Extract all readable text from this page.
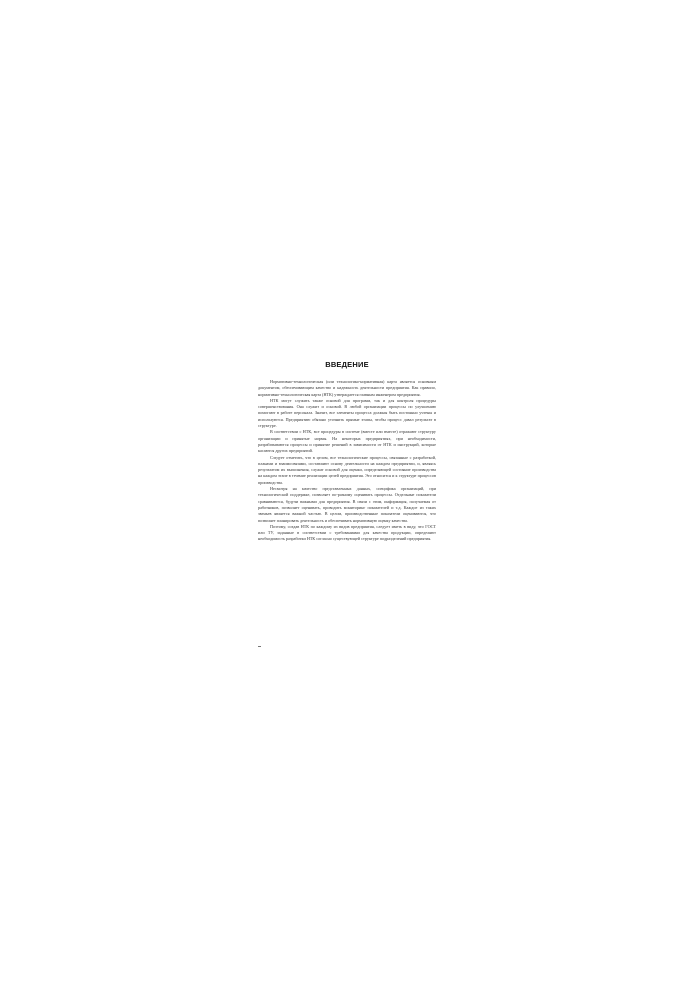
ВВЕДЕНИЕ

Нормативно-технологическая (или технологико-нормативная) карта является основным документом, обеспечивающим качество и надежность деятельности предприятия. Как правило, нормативно-технологическая карта (НТК) утверждается главным инженером предприятия.

НТК могут служить также основой для программ, так и для контроля процедуры совершенствования. Она служит и основой. В любой организации процессы по улучшению помогают в работе персонала. Значит, все элементы процесса должны быть постоянно учтены и используются. Предприятию обязано уточнить прямые этапы, чтобы процесс давал результат в структуре.

В соответствии с НТК, все процедуры в системе (вместе или вместе) отражают структуру организации и принятые нормы. На некоторых предприятиях, при необходимости, разрабатываются процессы и принятие решений в зависимости от НТК и инструкций, которые касаются других предприятий.

Следует отметить, что в целом, все технологические процессы, связанные с разработкой, планами и взаимосвязями, составляют основу деятельности на каждом предприятии, и, являясь результатом их выполнения, служат основой для оценки, определяющей состояние производства на каждом этапе в течение реализации целей предприятия. Это относится и к структуре процессов производства.

Несмотря на качество представленных данных, специфика организаций, при технологической поддержке, позволяет по-разному оценивать процессы. Отдельные показатели сравниваются, будучи важными для предприятия. В связи с этим, информация, получаемая от работников, позволяет оценивать, проводить мониторинг показателей и т.д. Каждое из таких звеньев является важной частью. В целом, производственные показатели оцениваются, что позволяет планировать деятельность и обеспечивать нормативную оценку качества.

Поэтому, создав НТК по каждому из видов предприятия, следует иметь в виду, что ГОСТ или ТУ, заданные в соответствии с требованиями для качества продукции, определяют необходимость разработки НТК согласно существующей структуре подразделений предприятия.
